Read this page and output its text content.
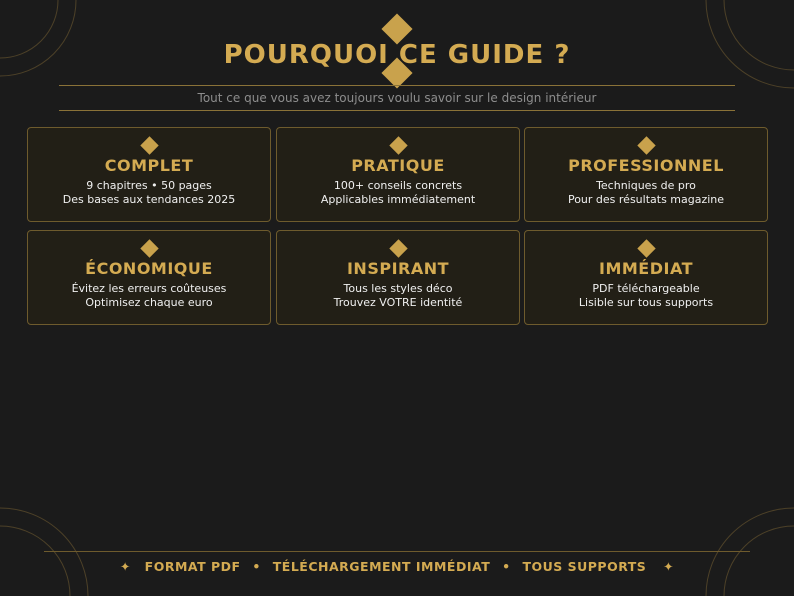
POURQUOI CE GUIDE ?
Tout ce que vous avez toujours voulu savoir sur le design intérieur
COMPLET
9 chapitres • 50 pages
Des bases aux tendances 2025
PRATIQUE
100+ conseils concrets
Applicables immédiatement
PROFESSIONNEL
Techniques de pro
Pour des résultats magazine
ÉCONOMIQUE
Évitez les erreurs coûteuses
Optimisez chaque euro
INSPIRANT
Tous les styles déco
Trouvez VOTRE identité
IMMÉDIAT
PDF téléchargeable
Lisible sur tous supports
✦ FORMAT PDF • TÉLÉCHARGEMENT IMMÉDIAT • TOUS SUPPORTS ✦
